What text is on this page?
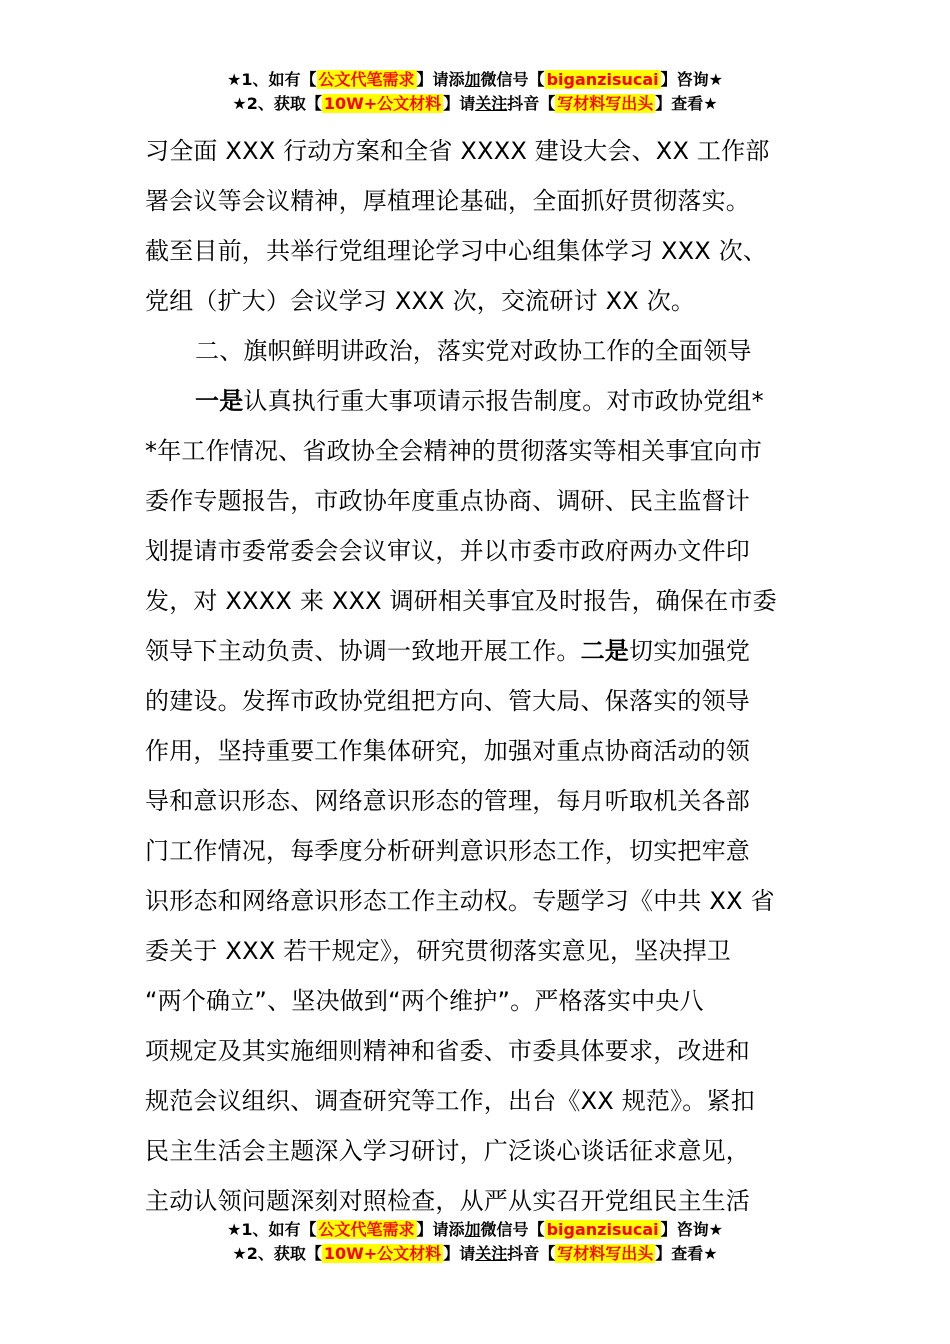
★1、如有【 公文代笔需求 】请添加微信号【 biganzisucai 】咨询★
★2、获取【 10W+公文材料 】请关注抖音【 写材料写出头 】查看★
习全面 XXX 行动方案和全省 XXXX 建设大会、XX 工作部
署会议等会议精神，厚植理论基础，全面抓好贯彻落实。
截至目前，共举行党组理论学习中心组集体学习 XXX 次、
党组（扩大）会议学习 XXX 次，交流研讨 XX 次。
二、旗帜鲜明讲政治，落实党对政协工作的全面领导
一是认真执行重大事项请示报告制度。对市政协党组*
*年工作情况、省政协全会精神的贯彻落实等相关事宜向市
委作专题报告，市政协年度重点协商、调研、民主监督计
划提请市委常委会会议审议，并以市委市政府两办文件印
发，对 XXXX 来 XXX 调研相关事宜及时报告，确保在市委
领导下主动负责、协调一致地开展工作。二是切实加强党
的建设。发挥市政协党组把方向、管大局、保落实的领导
作用，坚持重要工作集体研究，加强对重点协商活动的领
导和意识形态、网络意识形态的管理，每月听取机关各部
门工作情况，每季度分析研判意识形态工作，切实把牢意
识形态和网络意识形态工作主动权。专题学习《中共 XX 省
委关于 XXX 若干规定》，研究贯彻落实意见，坚决捍卫
“两个确立”、坚决做到“两个维护”。严格落实中央八
项规定及其实施细则精神和省委、市委具体要求，改进和
规范会议组织、调查研究等工作，出台《XX 规范》。紧扣
民主生活会主题深入学习研讨，广泛谈心谈话征求意见，
主动认领问题深刻对照检查，从严从实召开党组民主生活
★1、如有【 公文代笔需求 】请添加微信号【 biganzisucai 】咨询★
★2、获取【 10W+公文材料 】请关注抖音【 写材料写出头 】查看★
